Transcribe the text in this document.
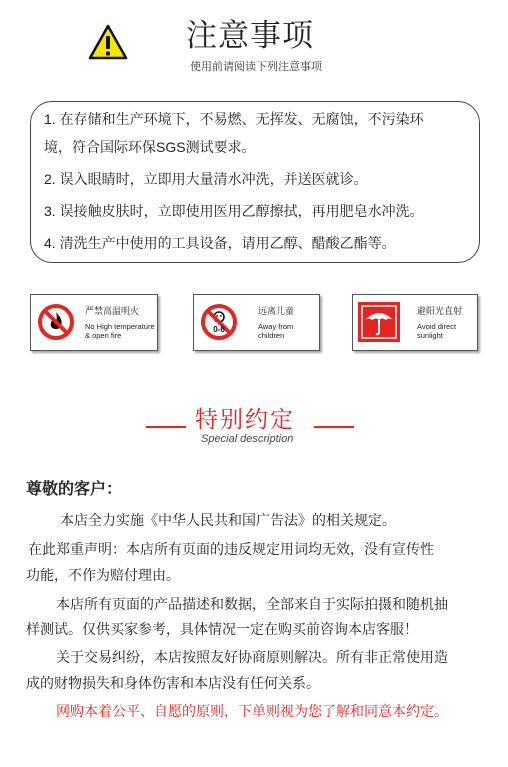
注意事项
使用前请阅读下列注意事项
1. 在存储和生产环境下，不易燃、无挥发、无腐蚀，不污染环
境，符合国际环保SGS测试要求。
2. 误入眼睛时，立即用大量清水冲洗，并送医就诊。
3. 误接触皮肤时，立即使用医用乙醇擦拭，再用肥皂水冲洗。
4. 清洗生产中使用的工具设备，请用乙醇、醋酸乙酯等。
严禁高温明火
No High temperature
& open fire
0-6
远离儿童
Away from
children
避阳光直射
Avoid direct
sunlight
特别约定
Special description
尊敬的客户：
本店全力实施《中华人民共和国广告法》的相关规定。
在此郑重声明：本店所有页面的违反规定用词均无效，没有宣传性
功能，不作为赔付理由。
本店所有页面的产品描述和数据，全部来自于实际拍摄和随机抽
样测试。仅供买家参考，具体情况一定在购买前咨询本店客服！
关于交易纠纷，本店按照友好协商原则解决。所有非正常使用造
成的财物损失和身体伤害和本店没有任何关系。
网购本着公平、自愿的原则，下单则视为您了解和同意本约定。
